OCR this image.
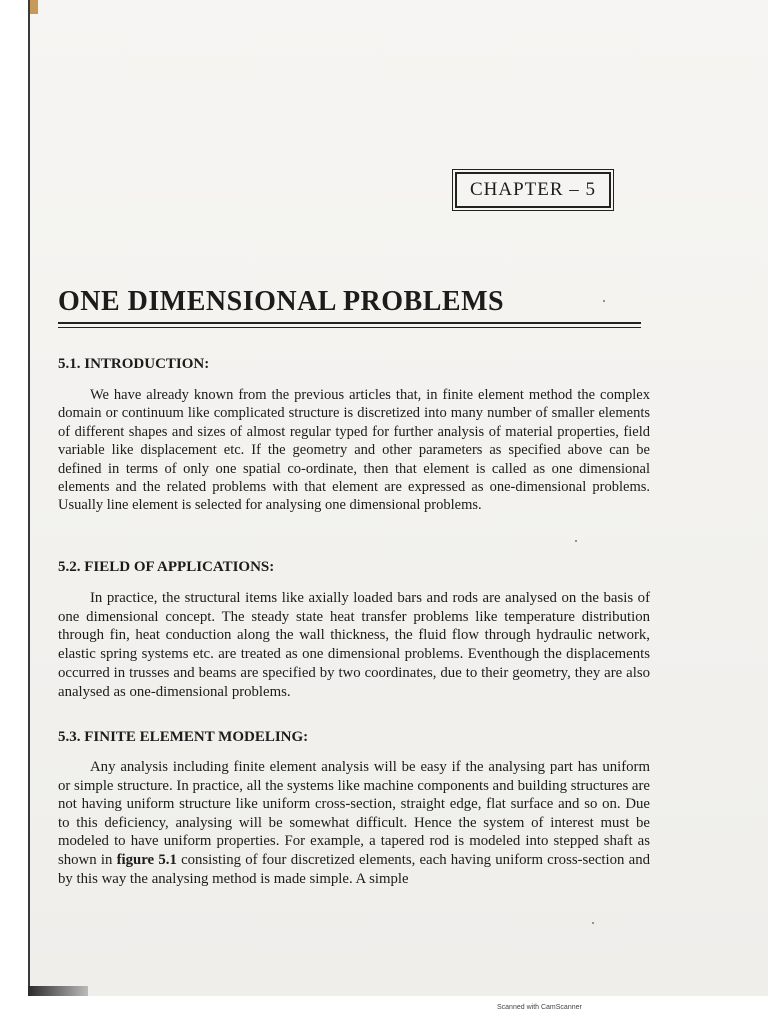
CHAPTER – 5
ONE DIMENSIONAL PROBLEMS
5.1. INTRODUCTION:

We have already known from the previous articles that, in finite element method the complex domain or continuum like complicated structure is discretized into many number of smaller elements of different shapes and sizes of almost regular typed for further analysis of material properties, field variable like displacement etc. If the geometry and other parameters as specified above can be defined in terms of only one spatial co-ordinate, then that element is called as one dimensional elements and the related problems with that element are expressed as one-dimensional problems. Usually line element is selected for analysing one dimensional problems.

5.2. FIELD OF APPLICATIONS:

In practice, the structural items like axially loaded bars and rods are analysed on the basis of one dimensional concept. The steady state heat transfer problems like temperature distribution through fin, heat conduction along the wall thickness, the fluid flow through hydraulic network, elastic spring systems etc. are treated as one dimensional problems. Eventhough the displacements occurred in trusses and beams are specified by two coordinates, due to their geometry, they are also analysed as one-dimensional problems.

5.3. FINITE ELEMENT MODELING:

Any analysis including finite element analysis will be easy if the analysing part has uniform or simple structure. In practice, all the systems like machine components and building structures are not having uniform structure like uniform cross-section, straight edge, flat surface and so on. Due to this deficiency, analysing will be somewhat difficult. Hence the system of interest must be modeled to have uniform properties. For example, a tapered rod is modeled into stepped shaft as shown in figure 5.1 consisting of four discretized elements, each having uniform cross-section and by this way the analysing method is made simple. A simple

Scanned with CamScanner
